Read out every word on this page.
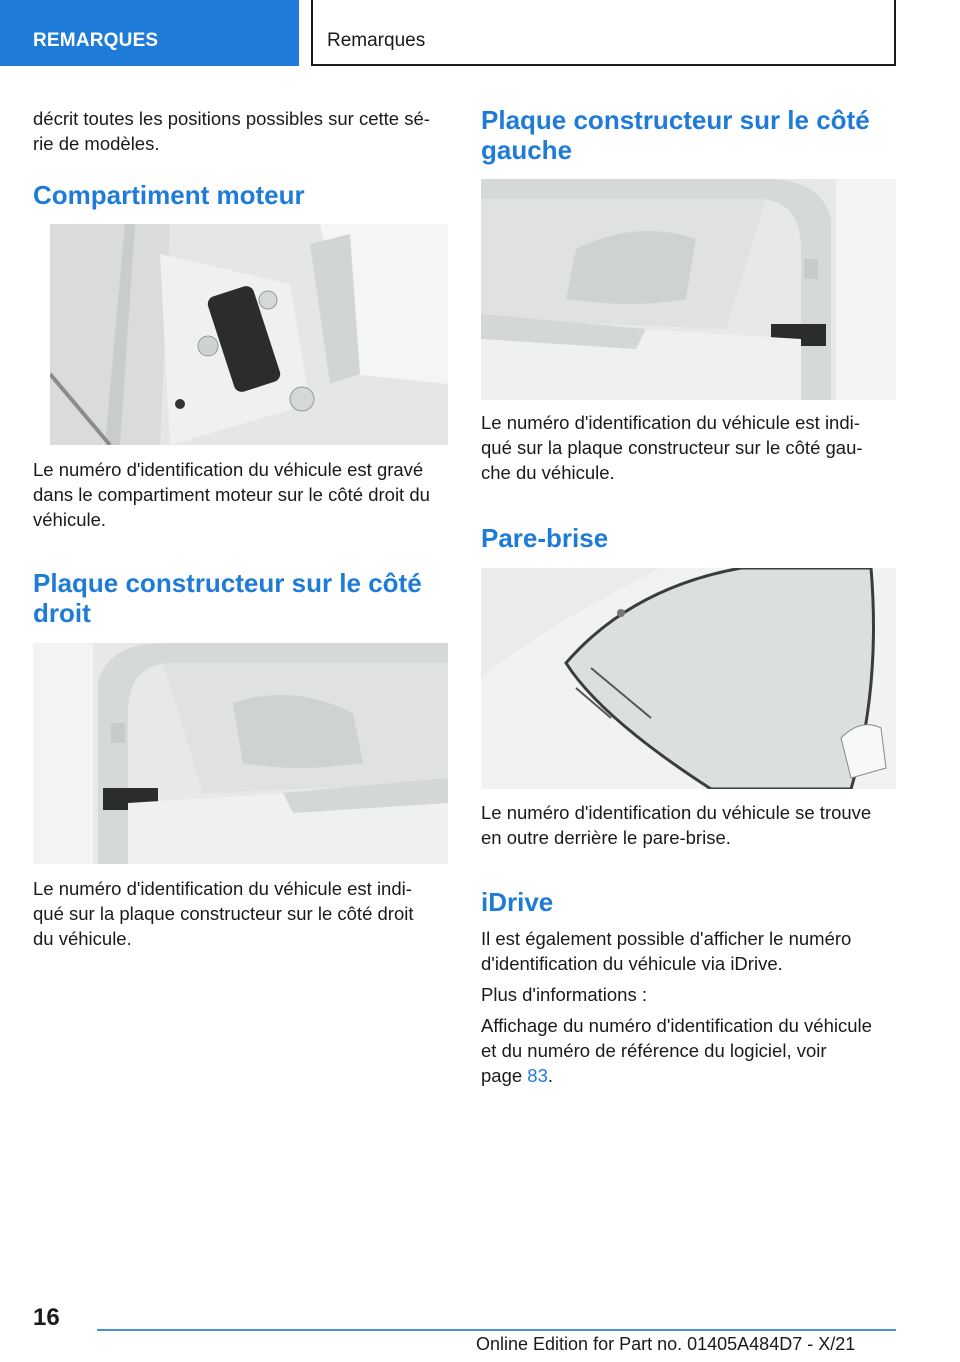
REMARQUES	Remarques
décrit toutes les positions possibles sur cette sé-
rie de modèles.
Compartiment moteur
Le numéro d'identification du véhicule est gravé
dans le compartiment moteur sur le côté droit du
véhicule.
Plaque constructeur sur le côté
droit
Le numéro d'identification du véhicule est indi-
qué sur la plaque constructeur sur le côté droit
du véhicule.
Plaque constructeur sur le côté
gauche
Le numéro d'identification du véhicule est indi-
qué sur la plaque constructeur sur le côté gau-
che du véhicule.
Pare-brise
Le numéro d'identification du véhicule se trouve
en outre derrière le pare-brise.
iDrive
Il est également possible d'afficher le numéro
d'identification du véhicule via iDrive.
Plus d'informations :
Affichage du numéro d'identification du véhicule
et du numéro de référence du logiciel, voir
page 83.
16
Online Edition for Part no. 01405A484D7 - X/21
